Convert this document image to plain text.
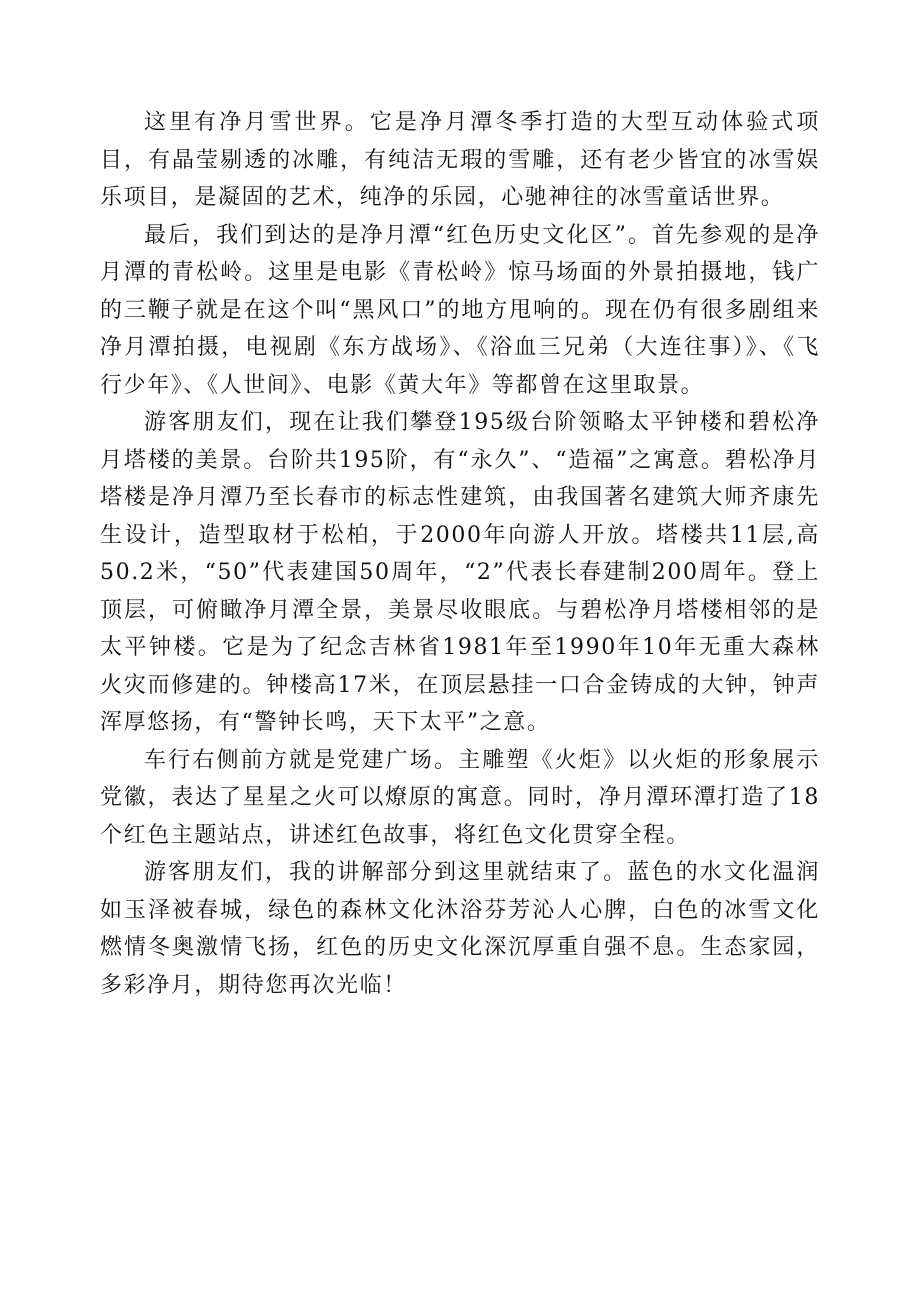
这里有净月雪世界。它是净月潭冬季打造的大型互动体验式项目，有晶莹剔透的冰雕，有纯洁无瑕的雪雕，还有老少皆宜的冰雪娱乐项目，是凝固的艺术，纯净的乐园，心驰神往的冰雪童话世界。

最后，我们到达的是净月潭“红色历史文化区”。首先参观的是净月潭的青松岭。这里是电影《青松岭》惊马场面的外景拍摄地，钱广的三鞭子就是在这个叫“黑风口”的地方甩响的。现在仍有很多剧组来净月潭拍摄，电视剧《东方战场》、《浴血三兄弟（大连往事）》、《飞行少年》、《人世间》、电影《黄大年》等都曾在这里取景。

游客朋友们，现在让我们攀登195级台阶领略太平钟楼和碧松净月塔楼的美景。台阶共195阶，有“永久”、“造福”之寓意。碧松净月塔楼是净月潭乃至长春市的标志性建筑，由我国著名建筑大师齐康先生设计，造型取材于松柏，于2000年向游人开放。塔楼共11层,高50.2米，“50”代表建国50周年，“2”代表长春建制200周年。登上顶层，可俯瞰净月潭全景，美景尽收眼底。与碧松净月塔楼相邻的是太平钟楼。它是为了纪念吉林省1981年至1990年10年无重大森林火灾而修建的。钟楼高17米，在顶层悬挂一口合金铸成的大钟，钟声浑厚悠扬，有“警钟长鸣，天下太平”之意。

车行右侧前方就是党建广场。主雕塑《火炬》以火炬的形象展示党徽，表达了星星之火可以燎原的寓意。同时，净月潭环潭打造了18个红色主题站点，讲述红色故事，将红色文化贯穿全程。

游客朋友们，我的讲解部分到这里就结束了。蓝色的水文化温润如玉泽被春城，绿色的森林文化沐浴芬芳沁人心脾，白色的冰雪文化燃情冬奥激情飞扬，红色的历史文化深沉厚重自强不息。生态家园，多彩净月，期待您再次光临！
